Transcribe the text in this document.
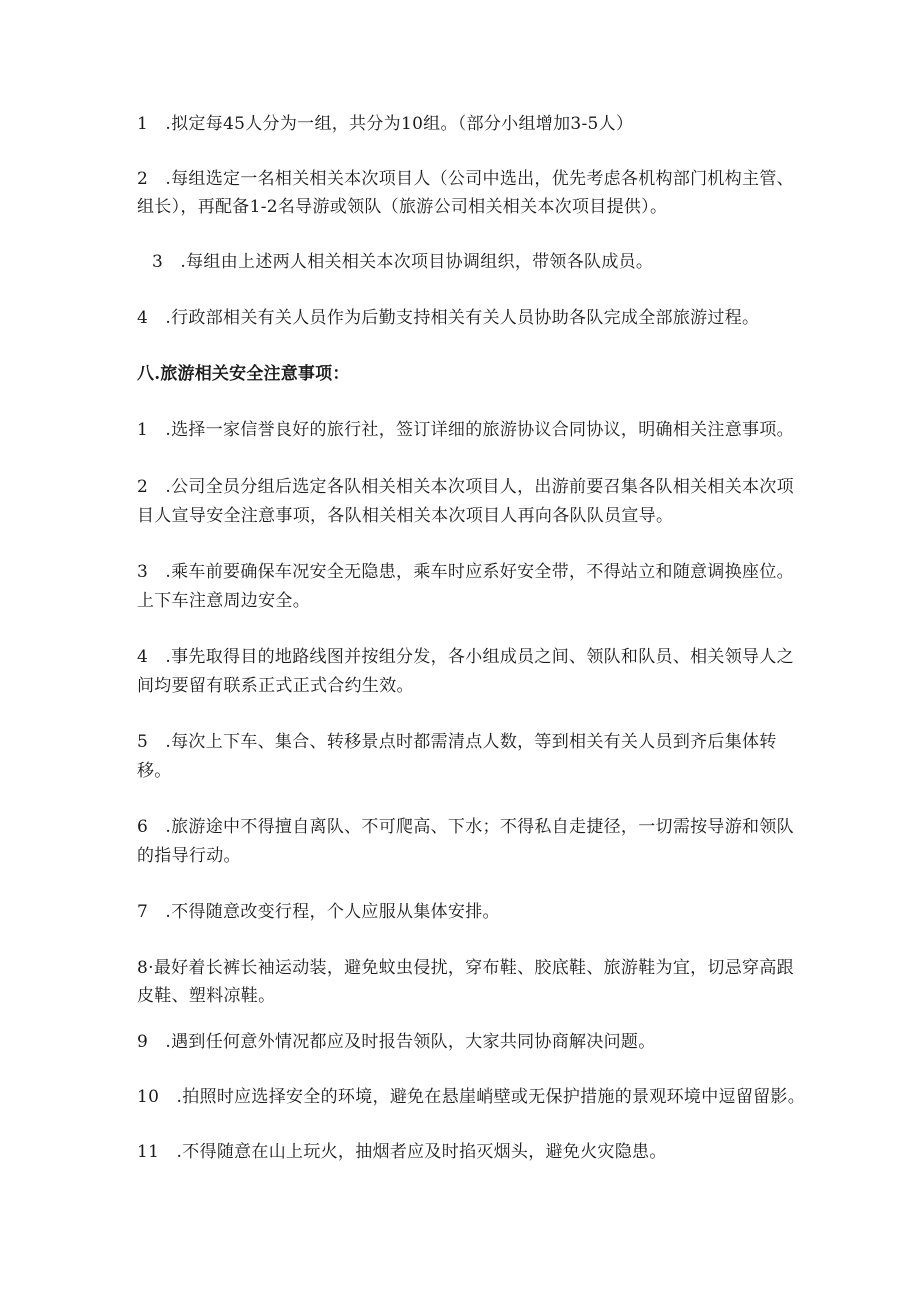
1　.拟定每45人分为一组，共分为10组。（部分小组增加3-5人）
2　.每组选定一名相关相关本次项目人（公司中选出，优先考虑各机构部门机构主管、
组长），再配备1-2名导游或领队（旅游公司相关相关本次项目提供）。
3　.每组由上述两人相关相关本次项目协调组织，带领各队成员。
4　.行政部相关有关人员作为后勤支持相关有关人员协助各队完成全部旅游过程。
八.旅游相关安全注意事项：
1　.选择一家信誉良好的旅行社，签订详细的旅游协议合同协议，明确相关注意事项。
2　.公司全员分组后选定各队相关相关本次项目人，出游前要召集各队相关相关本次项
目人宣导安全注意事项，各队相关相关本次项目人再向各队队员宣导。
3　.乘车前要确保车况安全无隐患，乘车时应系好安全带，不得站立和随意调换座位。
上下车注意周边安全。
4　.事先取得目的地路线图并按组分发，各小组成员之间、领队和队员、相关领导人之
间均要留有联系正式正式合约生效。
5　.每次上下车、集合、转移景点时都需清点人数，等到相关有关人员到齐后集体转
移。
6　.旅游途中不得擅自离队、不可爬高、下水；不得私自走捷径，一切需按导游和领队
的指导行动。
7　.不得随意改变行程，个人应服从集体安排。
8·最好着长裤长袖运动装，避免蚊虫侵扰，穿布鞋、胶底鞋、旅游鞋为宜，切忌穿高跟
皮鞋、塑料凉鞋。
9　.遇到任何意外情况都应及时报告领队，大家共同协商解决问题。
10　.拍照时应选择安全的环境，避免在悬崖峭壁或无保护措施的景观环境中逗留留影。
11　.不得随意在山上玩火，抽烟者应及时掐灭烟头，避免火灾隐患。
